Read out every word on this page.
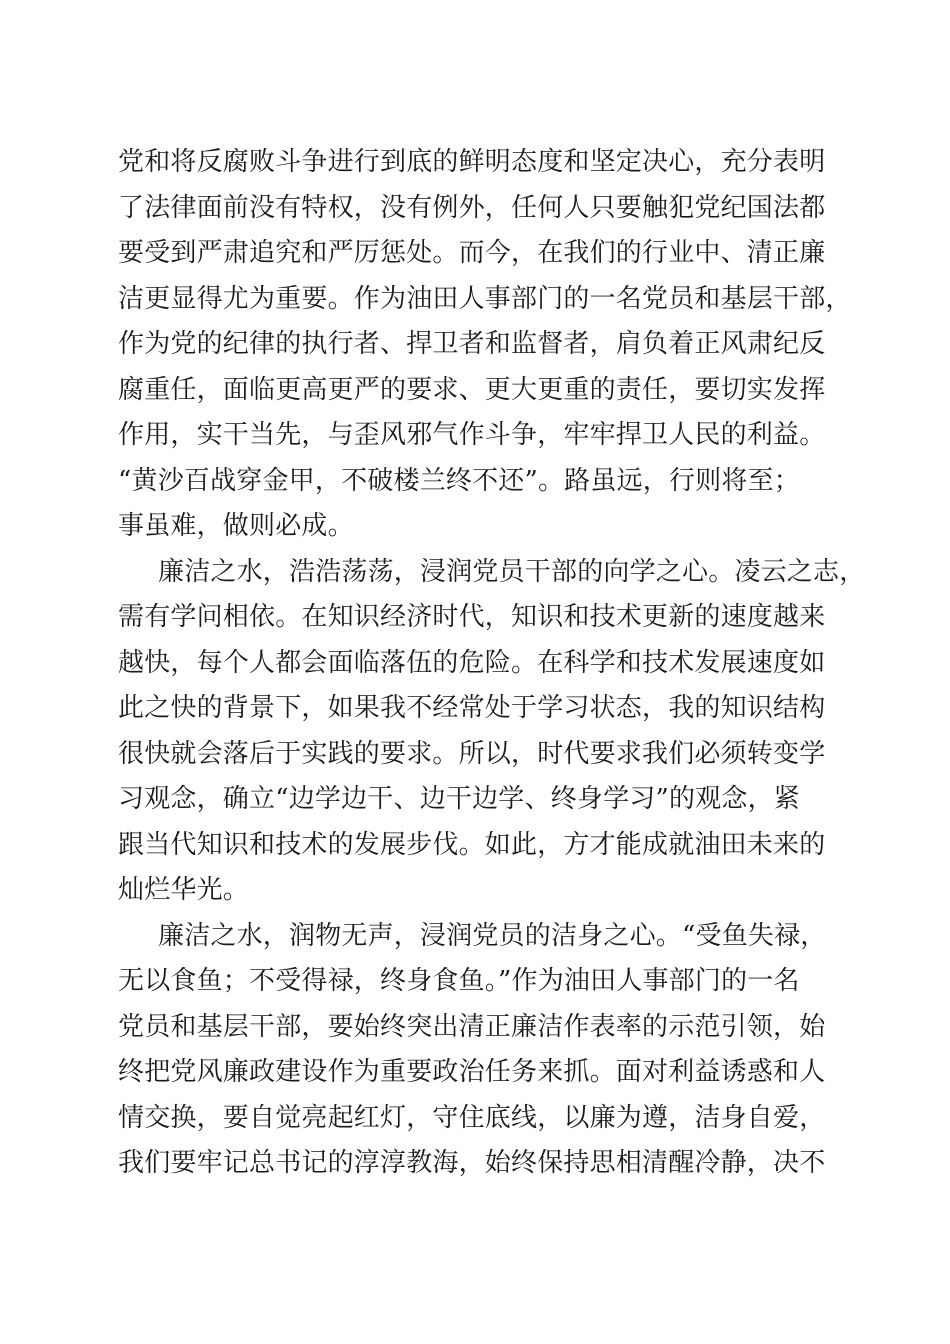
党和将反腐败斗争进行到底的鲜明态度和坚定决心，充分表明
了法律面前没有特权，没有例外，任何人只要触犯党纪国法都
要受到严肃追究和严厉惩处。而今，在我们的行业中、清正廉
洁更显得尤为重要。作为油田人事部门的一名党员和基层干部，
作为党的纪律的执行者、捍卫者和监督者，肩负着正风肃纪反
腐重任，面临更高更严的要求、更大更重的责任，要切实发挥
作用，实干当先，与歪风邪气作斗争，牢牢捍卫人民的利益。
“黄沙百战穿金甲，不破楼兰终不还”。路虽远，行则将至；
事虽难，做则必成。
廉洁之水，浩浩荡荡，浸润党员干部的向学之心。凌云之志，
需有学问相依。在知识经济时代，知识和技术更新的速度越来
越快，每个人都会面临落伍的危险。在科学和技术发展速度如
此之快的背景下，如果我不经常处于学习状态，我的知识结构
很快就会落后于实践的要求。所以，时代要求我们必须转变学
习观念，确立“边学边干、边干边学、终身学习”的观念，紧
跟当代知识和技术的发展步伐。如此，方才能成就油田未来的
灿烂华光。
廉洁之水，润物无声，浸润党员的洁身之心。“受鱼失禄，
无以食鱼；不受得禄，终身食鱼。”作为油田人事部门的一名
党员和基层干部，要始终突出清正廉洁作表率的示范引领，始
终把党风廉政建设作为重要政治任务来抓。面对利益诱惑和人
情交换，要自觉亮起红灯，守住底线，以廉为遵，洁身自爱，
我们要牢记总书记的淳淳教海，始终保持思相清醒冷静，决不
